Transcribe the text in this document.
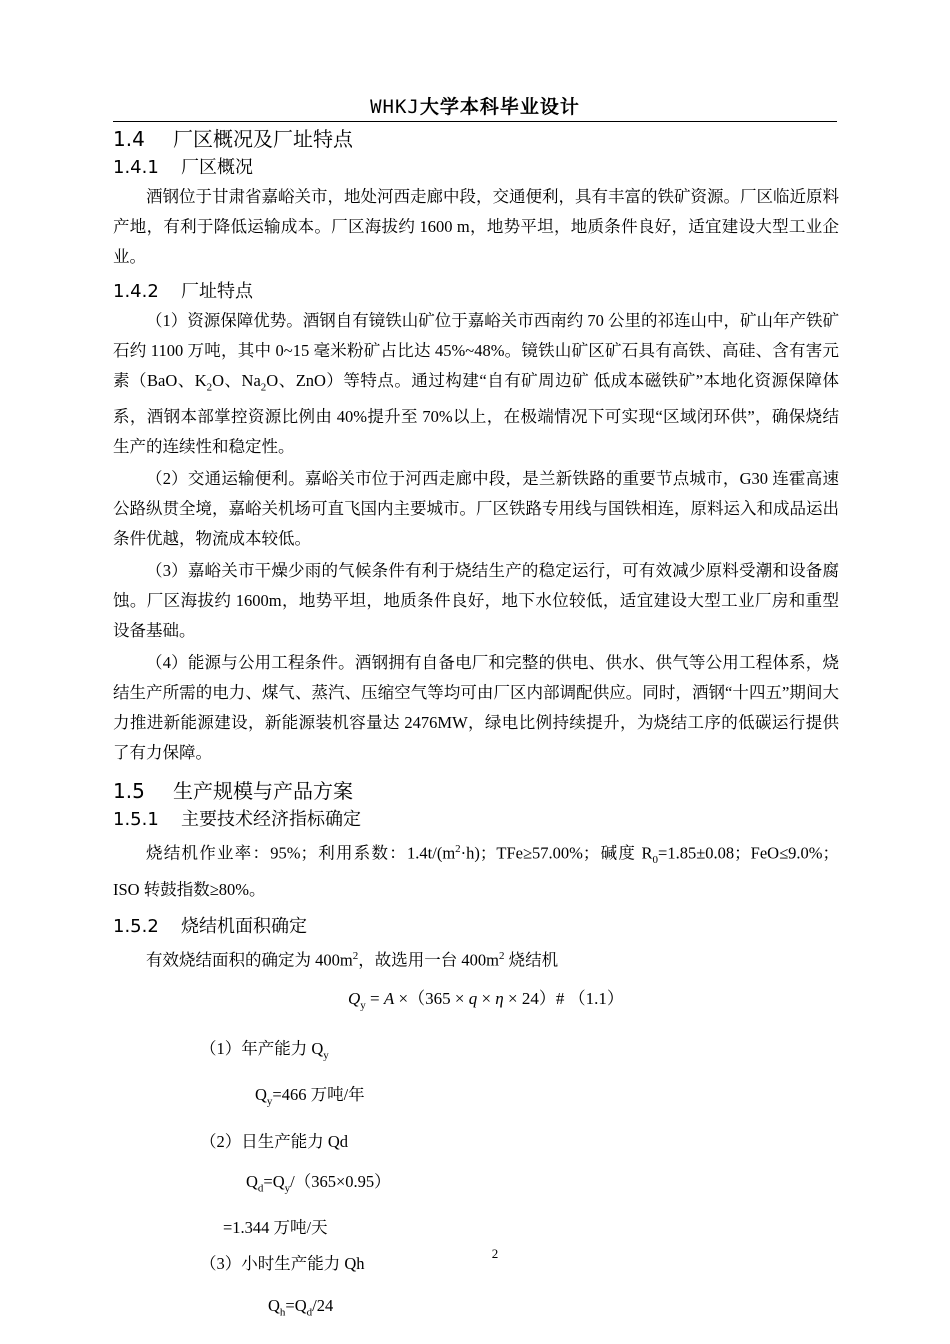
WHKJ大学本科毕业设计
1.4 厂区概况及厂址特点
1.4.1 厂区概况

酒钢位于甘肃省嘉峪关市，地处河西走廊中段，交通便利，具有丰富的铁矿资源。厂区临近原料产地，有利于降低运输成本。厂区海拔约 1600 m，地势平坦，地质条件良好，适宜建设大型工业企业。

1.4.2 厂址特点

（1）资源保障优势。酒钢自有镜铁山矿位于嘉峪关市西南约 70 公里的祁连山中，矿山年产铁矿石约 1100 万吨，其中 0~15 毫米粉矿占比达 45%~48%。镜铁山矿区矿石具有高铁、高硅、含有害元素（BaO、$K_2O$、$Na_2O$、ZnO）等特点。通过构建“自有矿周边矿 低成本磁铁矿”本地化资源保障体系，酒钢本部掌控资源比例由 40%提升至 70%以上，在极端情况下可实现“区域闭环供”，确保烧结生产的连续性和稳定性。

（2）交通运输便利。嘉峪关市位于河西走廊中段，是兰新铁路的重要节点城市，G30 连霍高速公路纵贯全境，嘉峪关机场可直飞国内主要城市。厂区铁路专用线与国铁相连，原料运入和成品运出条件优越，物流成本较低。

（3）嘉峪关市干燥少雨的气候条件有利于烧结生产的稳定运行，可有效减少原料受潮和设备腐蚀。厂区海拔约 1600m，地势平坦，地质条件良好，地下水位较低，适宜建设大型工业厂房和重型设备基础。

（4）能源与公用工程条件。酒钢拥有自备电厂和完整的供电、供水、供气等公用工程体系，烧结生产所需的电力、煤气、蒸汽、压缩空气等均可由厂区内部调配供应。同时，酒钢“十四五”期间大力推进新能源建设，新能源装机容量达 2476MW，绿电比例持续提升，为烧结工序的低碳运行提供了有力保障。

1.5 生产规模与产品方案
1.5.1 主要技术经济指标确定

烧结机作业率：95%；利用系数：$1.4t/(m^2\cdot h)$；TFe≥57.00%；碱度 $R_0=1.85\pm 0.08$；FeO≤9.0%；ISO 转鼓指数≥80%。

1.5.2 烧结机面积确定

有效烧结面积的确定为 $400m^2$，故选用一台 $400m^2$ 烧结机

$Q_y = A \times(365 \times q \times \eta$ × 24）# （1.1）
（1）年产能力 $Q_y$
$Q_y=466$ 万吨/年
（2）日生产能力 Qd
$Q_d=Q_y/(365\times 0.95)$
=1.344 万吨/天
（3）小时生产能力 Qh
$Q_h=Q_d/24$
2
